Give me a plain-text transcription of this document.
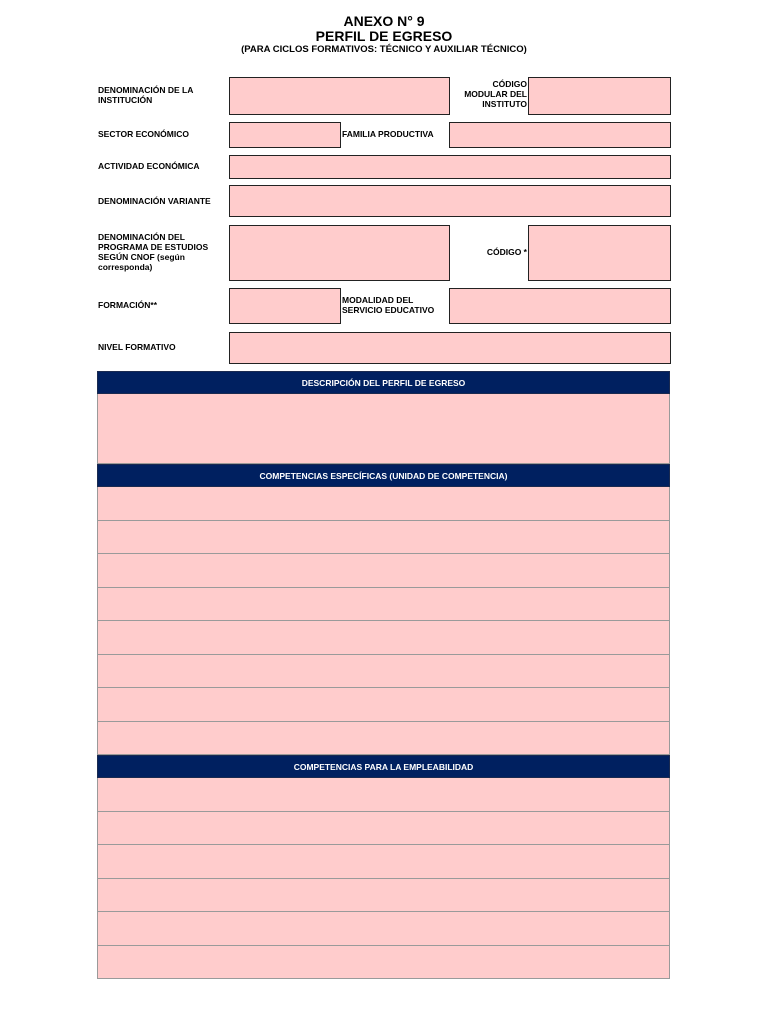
ANEXO N° 9
PERFIL DE EGRESO
(PARA CICLOS FORMATIVOS: TÉCNICO Y AUXILIAR TÉCNICO)
DENOMINACIÓN DE LA INSTITUCIÓN
CÓDIGO MODULAR DEL INSTITUTO
SECTOR ECONÓMICO	FAMILIA PRODUCTIVA
ACTIVIDAD ECONÓMICA
DENOMINACIÓN VARIANTE
DENOMINACIÓN DEL PROGRAMA DE ESTUDIOS SEGÚN CNOF (según corresponda)
CÓDIGO *
FORMACIÓN**	MODALIDAD DEL SERVICIO EDUCATIVO
NIVEL FORMATIVO
DESCRIPCIÓN DEL PERFIL DE EGRESO
COMPETENCIAS ESPECÍFICAS (UNIDAD DE COMPETENCIA)
COMPETENCIAS PARA LA EMPLEABILIDAD
